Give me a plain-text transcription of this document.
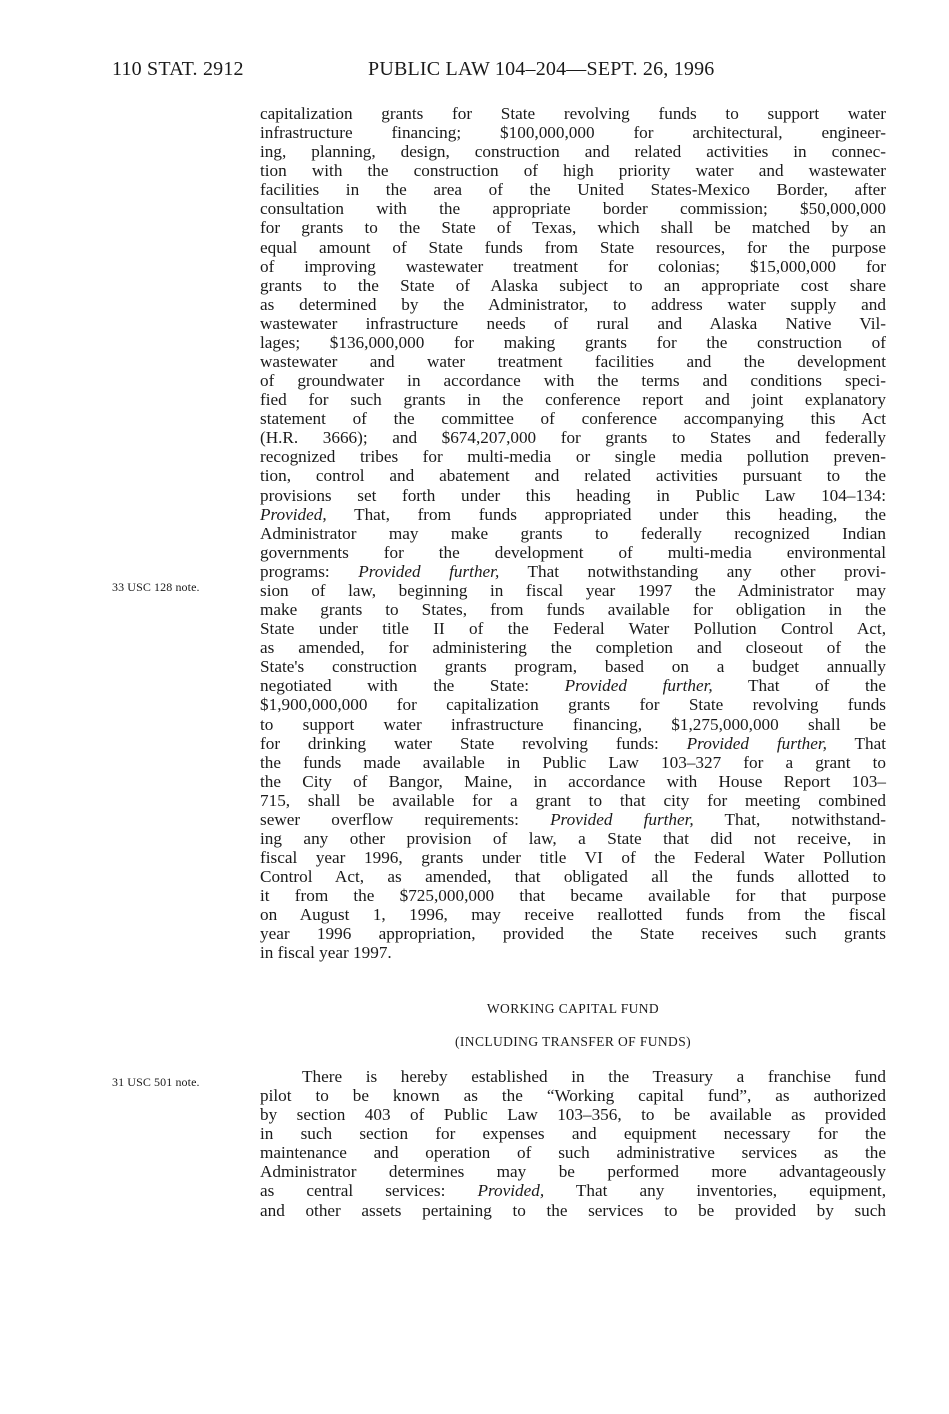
110 STAT. 2912	PUBLIC LAW 104–204—SEPT. 26, 1996
33 USC 128 note.
31 USC 501 note.
capitalization grants for State revolving funds to support water
infrastructure financing; $100,000,000 for architectural, engineer-
ing, planning, design, construction and related activities in connec-
tion with the construction of high priority water and wastewater
facilities in the area of the United States-Mexico Border, after
consultation with the appropriate border commission; $50,000,000
for grants to the State of Texas, which shall be matched by an
equal amount of State funds from State resources, for the purpose
of improving wastewater treatment for colonias; $15,000,000 for
grants to the State of Alaska subject to an appropriate cost share
as determined by the Administrator, to address water supply and
wastewater infrastructure needs of rural and Alaska Native Vil-
lages; $136,000,000 for making grants for the construction of
wastewater and water treatment facilities and the development
of groundwater in accordance with the terms and conditions speci-
fied for such grants in the conference report and joint explanatory
statement of the committee of conference accompanying this Act
(H.R. 3666); and $674,207,000 for grants to States and federally
recognized tribes for multi-media or single media pollution preven-
tion, control and abatement and related activities pursuant to the
provisions set forth under this heading in Public Law 104–134:
Provided, That, from funds appropriated under this heading, the
Administrator may make grants to federally recognized Indian
governments for the development of multi-media environmental
programs: Provided further, That notwithstanding any other provi-
sion of law, beginning in fiscal year 1997 the Administrator may
make grants to States, from funds available for obligation in the
State under title II of the Federal Water Pollution Control Act,
as amended, for administering the completion and closeout of the
State's construction grants program, based on a budget annually
negotiated with the State: Provided further, That of the
$1,900,000,000 for capitalization grants for State revolving funds
to support water infrastructure financing, $1,275,000,000 shall be
for drinking water State revolving funds: Provided further, That
the funds made available in Public Law 103–327 for a grant to
the City of Bangor, Maine, in accordance with House Report 103–
715, shall be available for a grant to that city for meeting combined
sewer overflow requirements: Provided further, That, notwithstand-
ing any other provision of law, a State that did not receive, in
fiscal year 1996, grants under title VI of the Federal Water Pollution
Control Act, as amended, that obligated all the funds allotted to
it from the $725,000,000 that became available for that purpose
on August 1, 1996, may receive reallotted funds from the fiscal
year 1996 appropriation, provided the State receives such grants
in fiscal year 1997.
WORKING CAPITAL FUND
(INCLUDING TRANSFER OF FUNDS)
There is hereby established in the Treasury a franchise fund
pilot to be known as the “Working capital fund”, as authorized
by section 403 of Public Law 103–356, to be available as provided
in such section for expenses and equipment necessary for the
maintenance and operation of such administrative services as the
Administrator determines may be performed more advantageously
as central services: Provided, That any inventories, equipment,
and other assets pertaining to the services to be provided by such
